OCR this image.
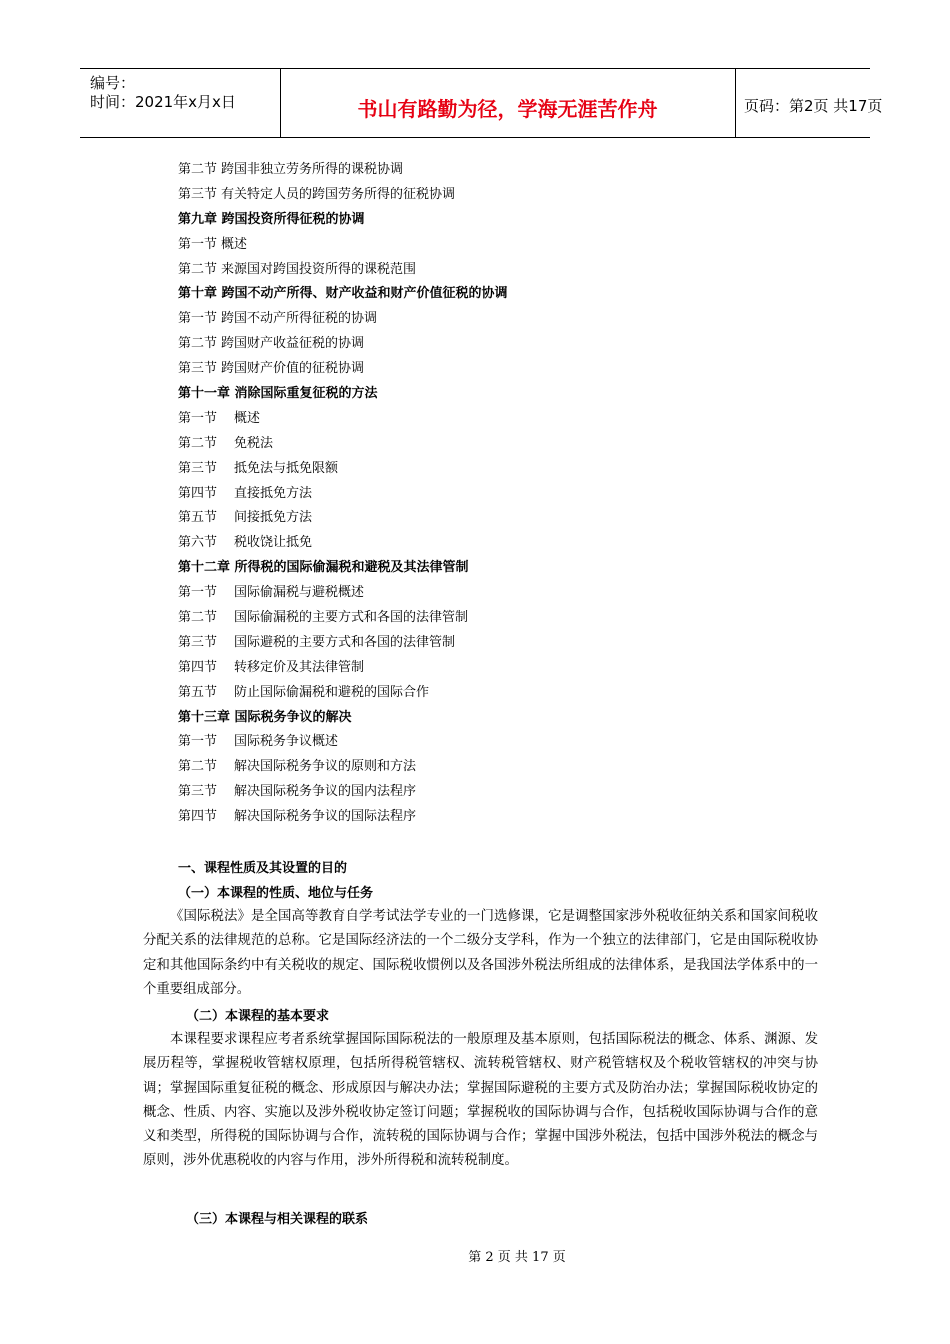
编号：
时间：2021年x月x日	书山有路勤为径，学海无涯苦作舟	页码：第2页 共17页
第二节 跨国非独立劳务所得的课税协调
第三节 有关特定人员的跨国劳务所得的征税协调
第九章 跨国投资所得征税的协调
第一节 概述
第二节 来源国对跨国投资所得的课税范围
第十章 跨国不动产所得、财产收益和财产价值征税的协调
第一节 跨国不动产所得征税的协调
第二节 跨国财产收益征税的协调
第三节 跨国财产价值的征税协调
第十一章 消除国际重复征税的方法
第一节 概述
第二节 免税法
第三节 抵免法与抵免限额
第四节 直接抵免方法
第五节 间接抵免方法
第六节 税收饶让抵免
第十二章 所得税的国际偷漏税和避税及其法律管制
第一节 国际偷漏税与避税概述
第二节 国际偷漏税的主要方式和各国的法律管制
第三节 国际避税的主要方式和各国的法律管制
第四节 转移定价及其法律管制
第五节 防止国际偷漏税和避税的国际合作
第十三章 国际税务争议的解决
第一节 国际税务争议概述
第二节 解决国际税务争议的原则和方法
第三节 解决国际税务争议的国内法程序
第四节 解决国际税务争议的国际法程序
一、课程性质及其设置的目的
（一）本课程的性质、地位与任务
《国际税法》是全国高等教育自学考试法学专业的一门选修课，它是调整国家涉外税收征纳关系和国家间税收分配关系的法律规范的总称。它是国际经济法的一个二级分支学科，作为一个独立的法律部门，它是由国际税收协定和其他国际条约中有关税收的规定、国际税收惯例以及各国涉外税法所组成的法律体系，是我国法学体系中的一个重要组成部分。
（二）本课程的基本要求
本课程要求课程应考者系统掌握国际国际税法的一般原理及基本原则，包括国际税法的概念、体系、渊源、发展历程等，掌握税收管辖权原理，包括所得税管辖权、流转税管辖权、财产税管辖权及个税收管辖权的冲突与协调；掌握国际重复征税的概念、形成原因与解决办法；掌握国际避税的主要方式及防治办法；掌握国际税收协定的概念、性质、内容、实施以及涉外税收协定签订问题；掌握税收的国际协调与合作，包括税收国际协调与合作的意义和类型，所得税的国际协调与合作，流转税的国际协调与合作；掌握中国涉外税法，包括中国涉外税法的概念与原则，涉外优惠税收的内容与作用，涉外所得税和流转税制度。
（三）本课程与相关课程的联系
第 2 页 共 17 页
